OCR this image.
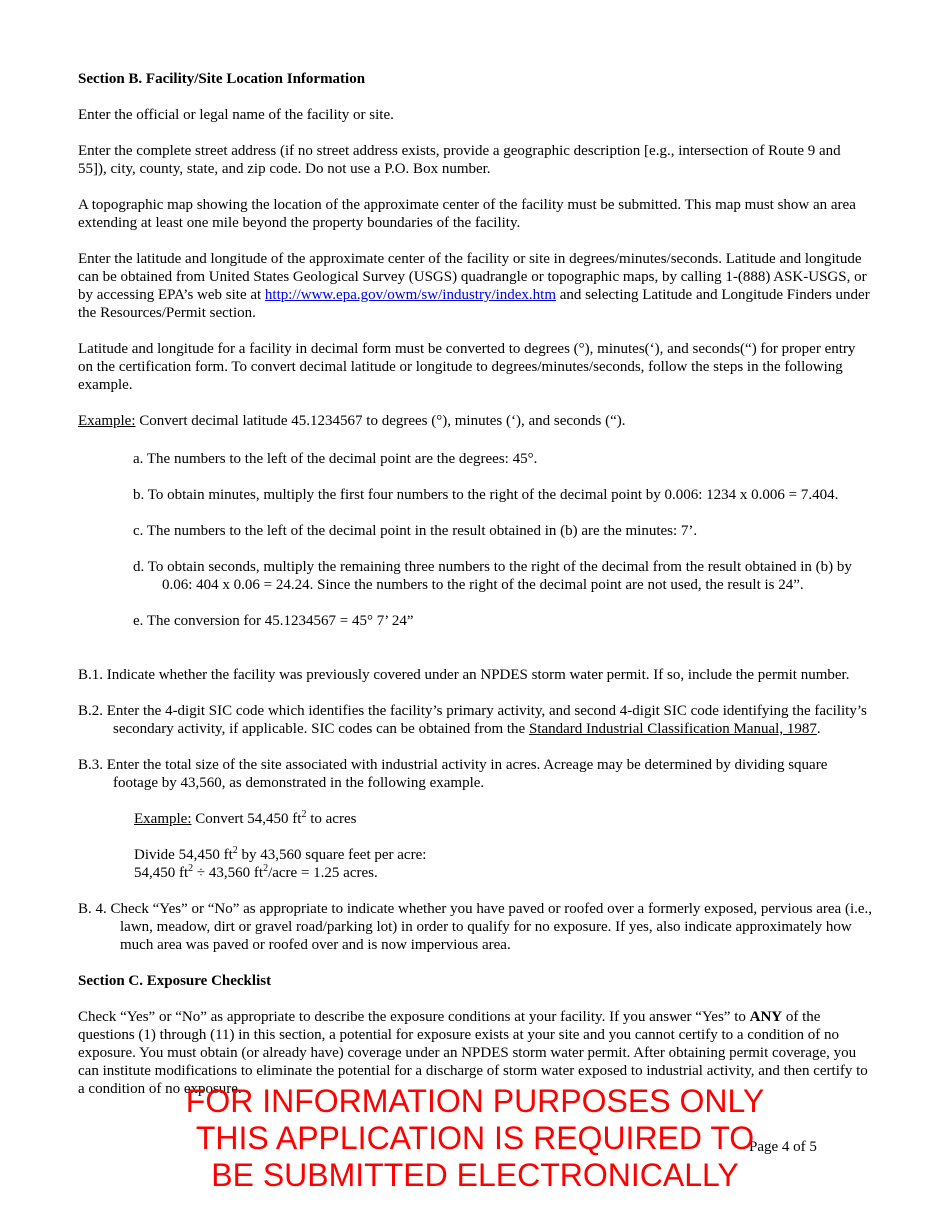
Section B. Facility/Site Location Information

Enter the official or legal name of the facility or site.

Enter the complete street address (if no street address exists, provide a geographic description [e.g., intersection of Route 9 and 55]), city, county, state, and zip code. Do not use a P.O. Box number.

A topographic map showing the location of the approximate center of the facility must be submitted. This map must show an area extending at least one mile beyond the property boundaries of the facility.

Enter the latitude and longitude of the approximate center of the facility or site in degrees/minutes/seconds. Latitude and longitude can be obtained from United States Geological Survey (USGS) quadrangle or topographic maps, by calling 1-(888) ASK-USGS, or by accessing EPA’s web site at http://www.epa.gov/owm/sw/industry/index.htm and selecting Latitude and Longitude Finders under the Resources/Permit section.

Latitude and longitude for a facility in decimal form must be converted to degrees (°), minutes(‘), and seconds(“) for proper entry on the certification form. To convert decimal latitude or longitude to degrees/minutes/seconds, follow the steps in the following example.

Example: Convert decimal latitude 45.1234567 to degrees (°), minutes (‘), and seconds (“).

a. The numbers to the left of the decimal point are the degrees: 45°.

b. To obtain minutes, multiply the first four numbers to the right of the decimal point by 0.006: 1234 x 0.006 = 7.404.

c. The numbers to the left of the decimal point in the result obtained in (b) are the minutes: 7’.

d. To obtain seconds, multiply the remaining three numbers to the right of the decimal from the result obtained in (b) by 0.06: 404 x 0.06 = 24.24. Since the numbers to the right of the decimal point are not used, the result is 24”.

e. The conversion for 45.1234567 = 45° 7’ 24”

B.1. Indicate whether the facility was previously covered under an NPDES storm water permit. If so, include the permit number.

B.2. Enter the 4-digit SIC code which identifies the facility’s primary activity, and second 4-digit SIC code identifying the facility’s secondary activity, if applicable. SIC codes can be obtained from the Standard Industrial Classification Manual, 1987.

B.3. Enter the total size of the site associated with industrial activity in acres. Acreage may be determined by dividing square footage by 43,560, as demonstrated in the following example.

Example: Convert 54,450 $ft^2$ to acres

Divide 54,450 $ft^2$ by 43,560 square feet per acre:

54,450 $ft^2 \div 43,560$ $ft^2$/acre = 1.25 acres.

B. 4. Check “Yes” or “No” as appropriate to indicate whether you have paved or roofed over a formerly exposed, pervious area (i.e., lawn, meadow, dirt or gravel road/parking lot) in order to qualify for no exposure. If yes, also indicate approximately how much area was paved or roofed over and is now impervious area.

Section C. Exposure Checklist

Check “Yes” or “No” as appropriate to describe the exposure conditions at your facility. If you answer “Yes” to ANY of the questions (1) through (11) in this section, a potential for exposure exists at your site and you cannot certify to a condition of no exposure. You must obtain (or already have) coverage under an NPDES storm water permit. After obtaining permit coverage, you can institute modifications to eliminate the potential for a discharge of storm water exposed to industrial activity, and then certify to a condition of no exposure.

Page 4 of 5
FOR INFORMATION PURPOSES ONLY
THIS APPLICATION IS REQUIRED TO
BE SUBMITTED ELECTRONICALLY
